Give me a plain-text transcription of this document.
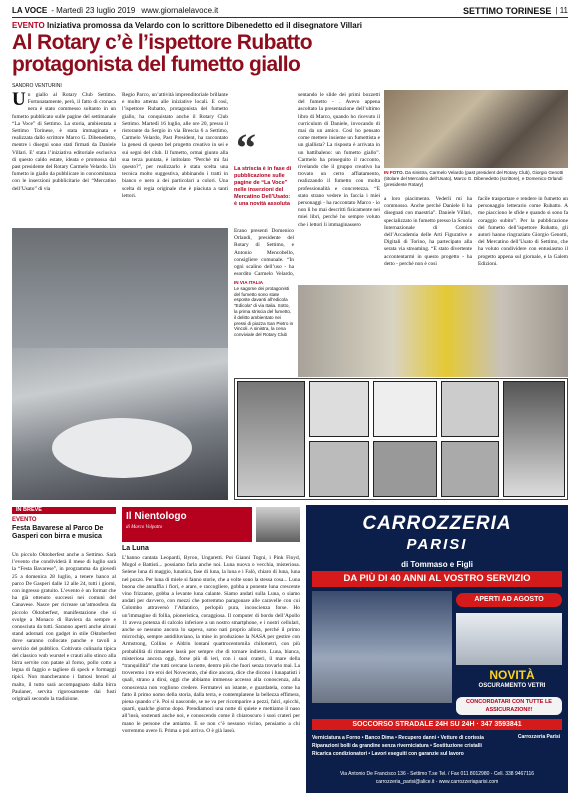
LA VOCE - Martedì 23 luglio 2019 www.giornalelavoce.it	SETTIMO TORINESE | 11
EVENTO Iniziativa promossa da Velardo con lo scrittore Dibenedetto ed il disegnatore Villari
Al Rotary c’è l’ispettore Rubatto
protagonista del fumetto giallo
SANDRO VENTURINI
U n giallo al Rotary Club Settimo. Fortunatamente, però, il fatto di cronaca nera è stato commesso soltanto in un fumetto pubblicato sulle pagine del settimanale “La Voce” di Settimo. La storia, ambientata a Settimo Torinese, è stata immaginata e realizzata dallo scrittore Marco G. Dibenedetto, mentre i disegni sono stati firmati da Daniele Villari. E’ stata l’iniziativa editoriale esclusiva di questo caldo estate, ideata e promossa dal past presidente del Rotary Carmelo Velardo. Un fumetto in giallo da pubblicare in concomitanza con le inserzioni pubblicitarie del “Mercatino dell’Usato” di via
Regio Parco, un’attività imprenditoriale brillante e molto attenta alle iniziative locali. E così, l’ispettore Rubatto, protagonista del fumetto giallo, ha conquistato anche il Rotary Club Settimo. Martedì 16 luglio, alle ore 20, presso il ristorante da Sergio in via Brescia 6 a Settimo, Carmelo Velardo, Past President, ha raccontato la genesi di questo bel progetto creativo in sei e sui segni del club. Il fumetto, ormai giunto alla sua terza puntata, è intitolato “Perché mi fai questo?”, per realizzarlo è stata scelta una tecnica molto suggestiva, abbinando i tratti in bianco e nero a dei particolari a colori. Una scelta di regia originale che è piaciuta a tanti lettori.
“
La striscia è in fase di pubblicazione sulle pagine de “La Voce” nelle inserzioni del Mercatino Dell’Usato: è una novità assoluta
Erano presenti Domenico Orlandi, presidente del Rotary di Settimo, e Antonio Mencobello, consigliere comunale. “In ogni scalino dell’uso - ha esordito Carmelo Velardo,
sentando le slide dei primi bozzetti del fumetto - . Avevo appena ascoltato la presentazione dell’ultimo libro di Marco, quando ho ricevuto il curriculum di Daniele, invocando di mai da un amico. Così ho pensato come mettere insieme un fumettista e un giallista? La risposta è arrivata in un battibaleno: un fumetto giallo”. Carmelo ha proseguito il racconto, rivelando che il gruppo creativo ha trovato un certo affiatamento, realizzando il fumetto con molta professionalità e concretezza. “E stato strano vedere in faccia i miei personaggi - ha raccontato Marco - io non li ho mai descritti fisicamente nei miei libri, perché ho sempre voluto che i lettori li immaginassero
IN FOTO. Da sinistra, Carmelo Velardo (past president del Rotary Club), Giorgio Genotti (titolare del Mercatino dell’Usato), Marco G. Dibenedetto (scrittore), e Domenico Orlandi (presidente Rotary)
a loro piacimento. Vederli mi ha commosso. Anche perché Daniele li ha disegnati con maestria”. Daniele Villari, specializzato in fumetto presso la Scuola Internazionale di Comics dell’Accademia delle Arti Figurative e Digitali di Torino, ha partecipato alla serata via streaming. “E stato divertente accontentarmi in questo progetto - ha detto - perché non è così
facile trasportare e rendere in fumetto un personaggio letterario come Rubatto. A me piacciono le sfide e quando si sono fa coraggio subito”. Per la pubblicazione del fumetto dell’ispettore Rubatto, gli autori hanno ringraziato Giorgio Genotti, del Mercatino dell’Usato di Settimo, che ha voluto condividere con entusiasmo il progetto appena sul giornale, e la Galem Edizioni.
IN VIA ITALIA
Le sagome dei protagonisti del fumetto sono state esposte davanti all’edicola “Edicola” di via Italia. Sotto, la prima striscia del fumetto, il delitto ambientato nei pressi di piazza San Pietro in Vincoli. A sinistra, la cena conviviale del Rotary Club
IN BREVE
EVENTO
Festa Bavarese al Parco De Gasperi con birra e musica
Un piccolo Oktoberfest anche a Settimo. Sarà l’evento che condividerà il mese di luglio sarà la “Festa Bavarese”, in programma da giovedì 25 a domenica 28 luglio, a tenere banco al parco De Gasperi dalle 12 alle 24, tutti i giorni, con ingresso gratuito. L’evento è un format che ha già ottenuto successi nei comuni del Canavese. Nasce per ricreare un’atmosfera da piccolo Oktoberfest, manifestazione che si svolge a Monaco di Baviera da sempre e conosciuta da tutti. Saranno aperti anche alcuni stand adornati con gadget in stile Oktoberfest dove saranno collocate panche e tavoli a servizio del pubblico. Coltivato culinaria tipica del classico wub wurstel e crauti allo stinco alla birra servite con patate al forno, pollo cotto a legna di faggio e tagliere di speck e formaggi tipici. Non mancheranno i famosi brezel al malto, il tutto sarà accompagnato dalla birra Paulaner, servita rigorosamente dai fusti originali secondo la tradizione.
Il Nientologo
di Marco Volpatto
La Luna
L’hanno cantata Leopardi, Byron, Ungaretti. Poi Gianni Togni, i Pink Floyd, Mogol e Battisti... possiamo farla anche noi. Luna nuova o vecchia, misteriosa. Selene luna di maggio, lunatica, fase di luna, la luna e i Falò, chiaro di luna, luna nel pozzo. Per luna di miele si fanno storie, che a volte sono la stessa cosa... Luna buona che annaffia i fiori, e arare, e raccogliere, gobba a ponente luna crescente vino frizzante, gobba a levante luna calante. Siamo andati sulla Luna, o siamo andati per davvero, con mezzi che potremmo paragonare alle caravelle con cui Colombo attraversò l’Atlantico, perlopiù pura, incoscienza forse. Ho un’immagine di follia, pioneristica, coraggiosa. Il computer di bordo dell’Apollo 11 aveva potenza di calcolo inferiore a un nostro smartphone, e i nostri cellulari, anche se nessuno ancora lo sapeva, sono nati proprio allora, perché il primo microchip, sempre antidiluviano, la mise in produzione la NASA per gestire con Armstrong, Collins e Aldrin lontani quattrocentomila chilometri, con più probabilità di rimanere lassù per sempre che di tornare indietro. Luna, bianca, misteriosa ancora oggi, forse più di ieri, con i suoi crateri, il mare della “tranquillità” che tutti cercano la notte, dentro più che fuori senza trovarlo mai. La troveremo i tre eroi del Novecento, ché dice ancora, dice che dicono i lunapatisti i quali, strano a dirsi, oggi che abbiamo immenso accesso alla conoscenza, alla conoscenza non vogliono credere. Fermatevi un istante, e guardatela, come ha fatto il primo uomo della storia, dalla terra, e contemplatene la bellezza effimera, piena quando c’è. Poi si nasconde, se ne va per ricomparire a pezzi, falci, spicchi, quarti, qualche giorno dopo. Prendiamoci una notte di quiete e mettiamo il naso all’insù, sostenuti anche noi, e conoscendo come il chiaroscuro i suoi crateri per mano le persone che amiamo. E se non c’è nessuno vicino, pensiamo a chi vorremmo avere lì. Prima o poi arriva. O è già lassù.
CARROZZERIA
PARISI
di Tommaso e Figli
DA PIÙ DI 40 ANNI AL VOSTRO SERVIZIO
APERTI AD AGOSTO
NOVITÀ
OSCURAMENTO VETRI
CONCORDATARI CON TUTTE LE ASSICURAZIONI!!
SOCCORSO STRADALE 24H SU 24H · 347 3593841
Verniciatura a Forno • Banco Dima • Recupero danni • Vetture di cortesia
Riparazioni bolli da grandine senza riverniciatura • Sostituzione cristalli
Ricarica condizionatori • Lavori eseguiti con garanzie sul lavoro
Carrozzeria Parisi
Via Antonio De Francisco 136 - Settimo T.se Tel. / Fax 011 8012980 - Cell. 338 9467116
carrozzeria_parisi@alice.it - www.carrozzeriaparisi.com
